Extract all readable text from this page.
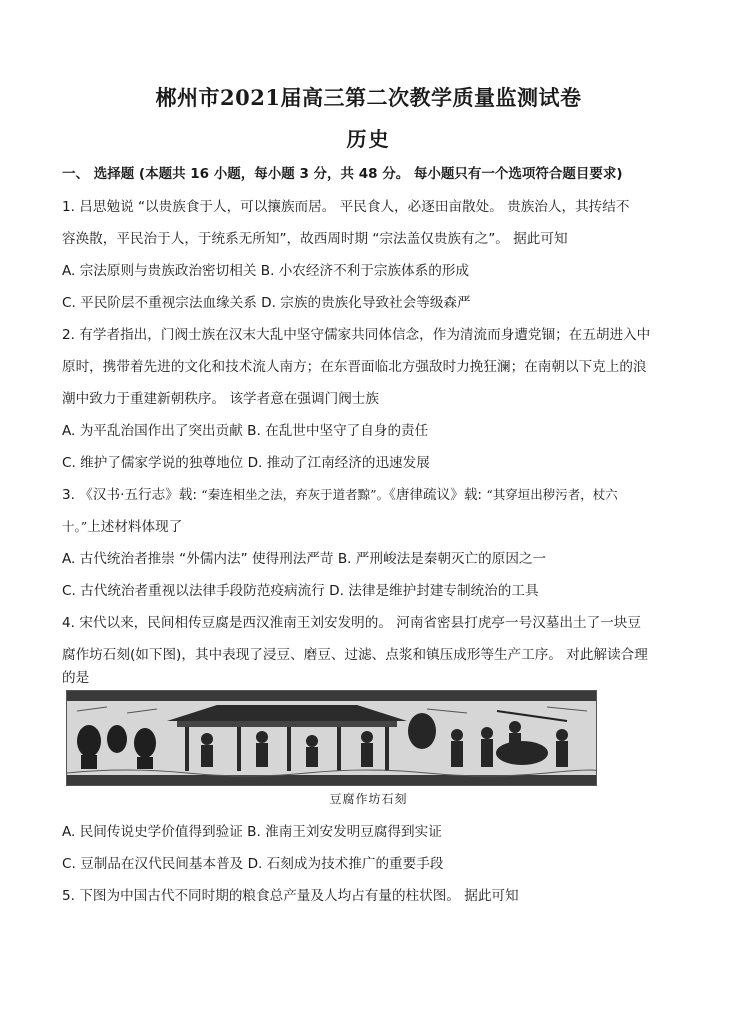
郴州市2021届高三第二次教学质量监测试卷
历史
一、 选择题 (本题共 16 小题，每小题 3 分，共 48 分。 每小题只有一个选项符合题目要求)
1. 吕思勉说 “以贵族食于人，可以攘族而居。 平民食人，必逐田亩散处。 贵族治人，其抟结不
容涣散，平民治于人，于统系无所知”，故西周时期 “宗法盖仅贵族有之”。 据此可知
A. 宗法原则与贵族政治密切相关 B. 小农经济不利于宗族体系的形成
C. 平民阶层不重视宗法血缘关系 D. 宗族的贵族化导致社会等级森严
2. 有学者指出，门阀士族在汉末大乱中坚守儒家共同体信念，作为清流而身遭党锢；在五胡进入中
原时，携带着先进的文化和技术流人南方；在东晋面临北方强敌时力挽狂澜；在南朝以下克上的浪
潮中致力于重建新朝秩序。 该学者意在强调门阀士族
A. 为平乱治国作出了突出贡献 B. 在乱世中坚守了自身的责任
C. 维护了儒家学说的独尊地位 D. 推动了江南经济的迅速发展
3. 《汉书·五行志》载: “秦连相坐之法，弃灰于道者黥”。《唐律疏议》载: “其穿垣出秽污者，杖六
十。”上述材料体现了
A. 古代统治者推崇 “外儒内法” 使得刑法严苛 B. 严刑峻法是秦朝灭亡的原因之一
C. 古代统治者重视以法律手段防范疫病流行 D. 法律是维护封建专制统治的工具
4. 宋代以来，民间相传豆腐是西汉淮南王刘安发明的。 河南省密县打虎亭一号汉墓出土了一块豆
腐作坊石刻(如下图)，其中表现了浸豆、磨豆、过滤、点浆和镇压成形等生产工序。 对此解读合理
的是
豆腐作坊石刻
A. 民间传说史学价值得到验证 B. 淮南王刘安发明豆腐得到实证
C. 豆制品在汉代民间基本普及 D. 石刻成为技术推广的重要手段
5. 下图为中国古代不同时期的粮食总产量及人均占有量的柱状图。 据此可知
